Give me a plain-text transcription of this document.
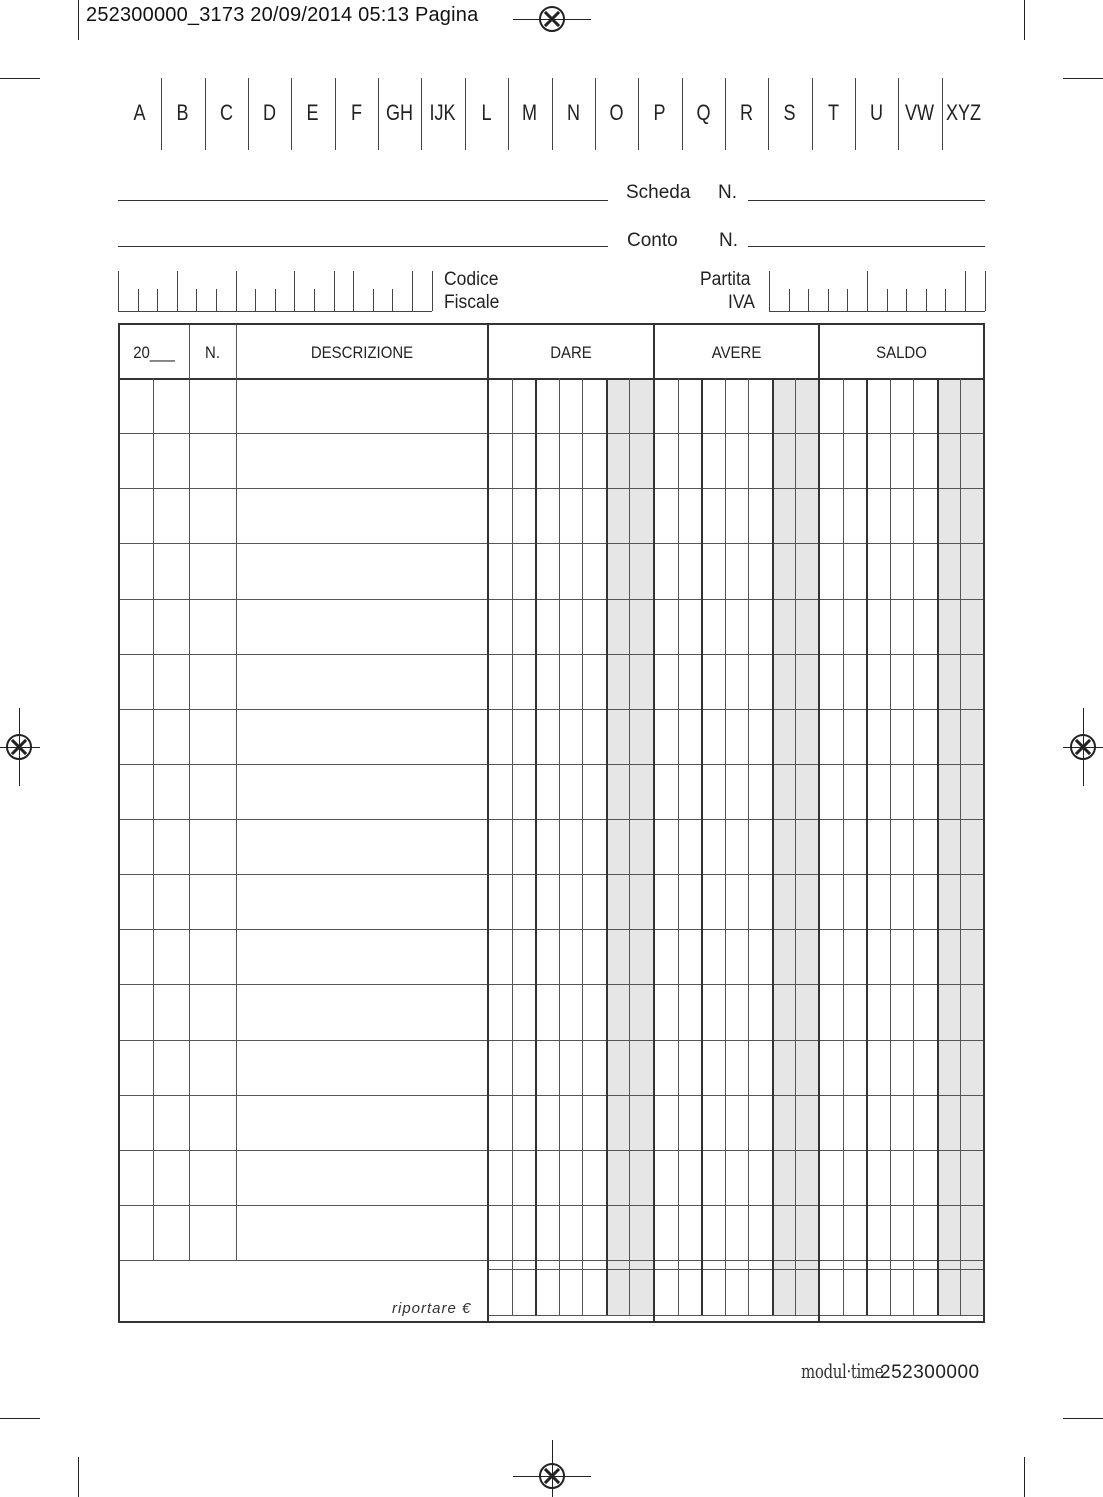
252300000_3173 20/09/2014 05:13 Pagina
A	B	C	D	E	F	GH IJK	L	M	N	O	P	Q	R	S	T	U VW XYZ
Scheda N.
Conto N.
Codice
Fiscale
Partita
IVA
20___	N.	DESCRIZIONE	DARE	AVERE	SALDO
riportare €
modul·time
252300000
